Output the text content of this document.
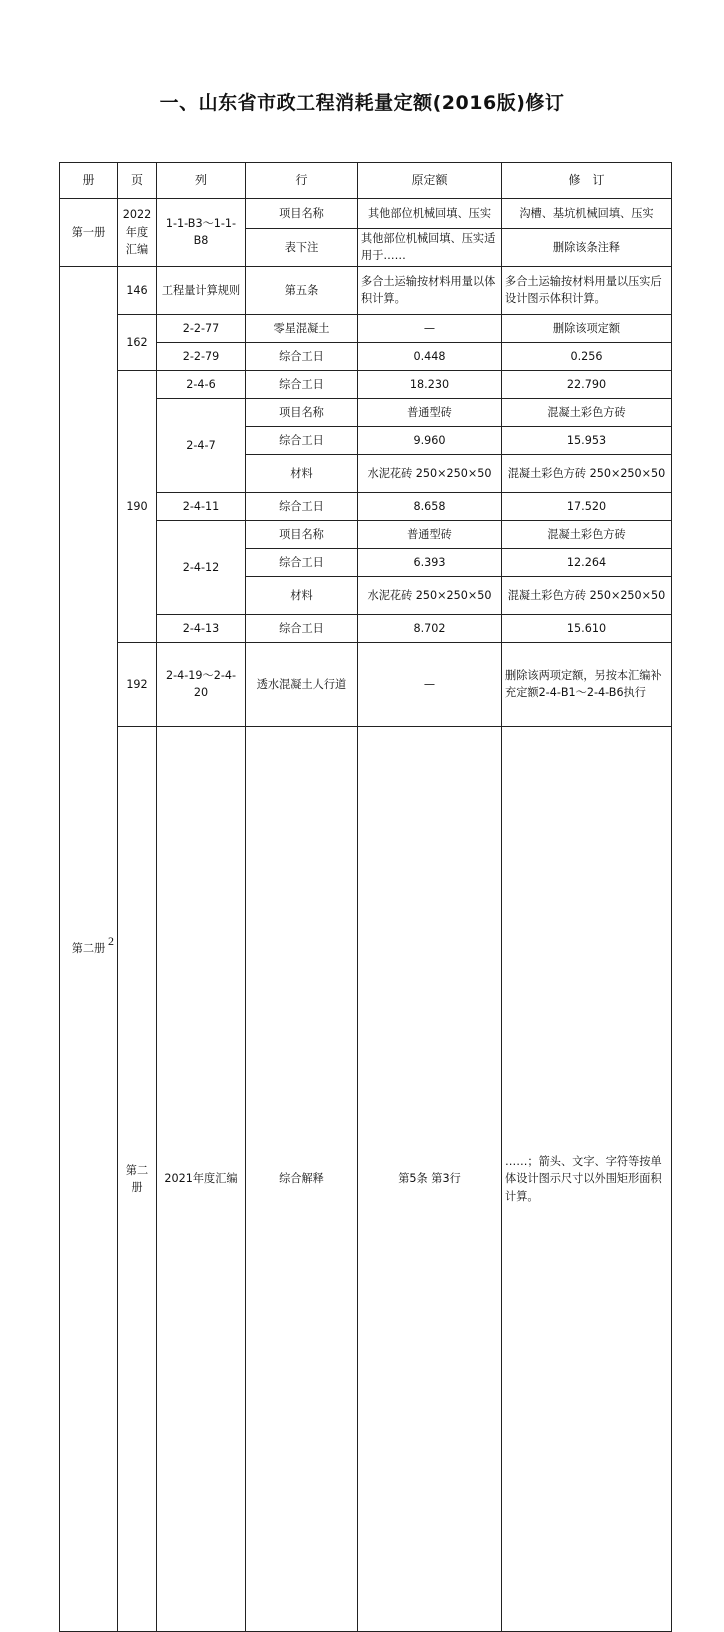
一、山东省市政工程消耗量定额(2016版)修订
册	页	列	行	原定额	修　订	
第一册	2022年度汇编	1-1-B3～1-1-B8	项目名称	其他部位机械回填、压实	沟槽、基坑机械回填、压实	
			表下注	其他部位机械回填、压实适用于……	删除该条注释	
第二册	146	工程量计算规则	第五条	多合土运输按材料用量以体积计算。	多合土运输按材料用量以压实后设计图示体积计算。	
	162	2-2-77	零星混凝土	—	删除该项定额	
		2-2-79	综合工日	0.448	0.256	
	190	2-4-6	综合工日	18.230	22.790	
		2-4-7	项目名称	普通型砖	混凝土彩色方砖	
			综合工日	9.960	15.953	
			材料	水泥花砖 250×250×50	混凝土彩色方砖 250×250×50	
		2-4-11	综合工日	8.658	17.520	
		2-4-12	项目名称	普通型砖	混凝土彩色方砖	
			综合工日	6.393	12.264	
			材料	水泥花砖 250×250×50	混凝土彩色方砖 250×250×50	
		2-4-13	综合工日	8.702	15.610	
	192	2-4-19～2-4-20	透水混凝土人行道	—	删除该两项定额，另按本汇编补充定额2-4-B1～2-4-B6执行	
	第二册	2021年度汇编	综合解释	第5条 第3行	……；箭头、文字、字符等按单体设计图示尺寸以外围矩形面积计算。	
2
